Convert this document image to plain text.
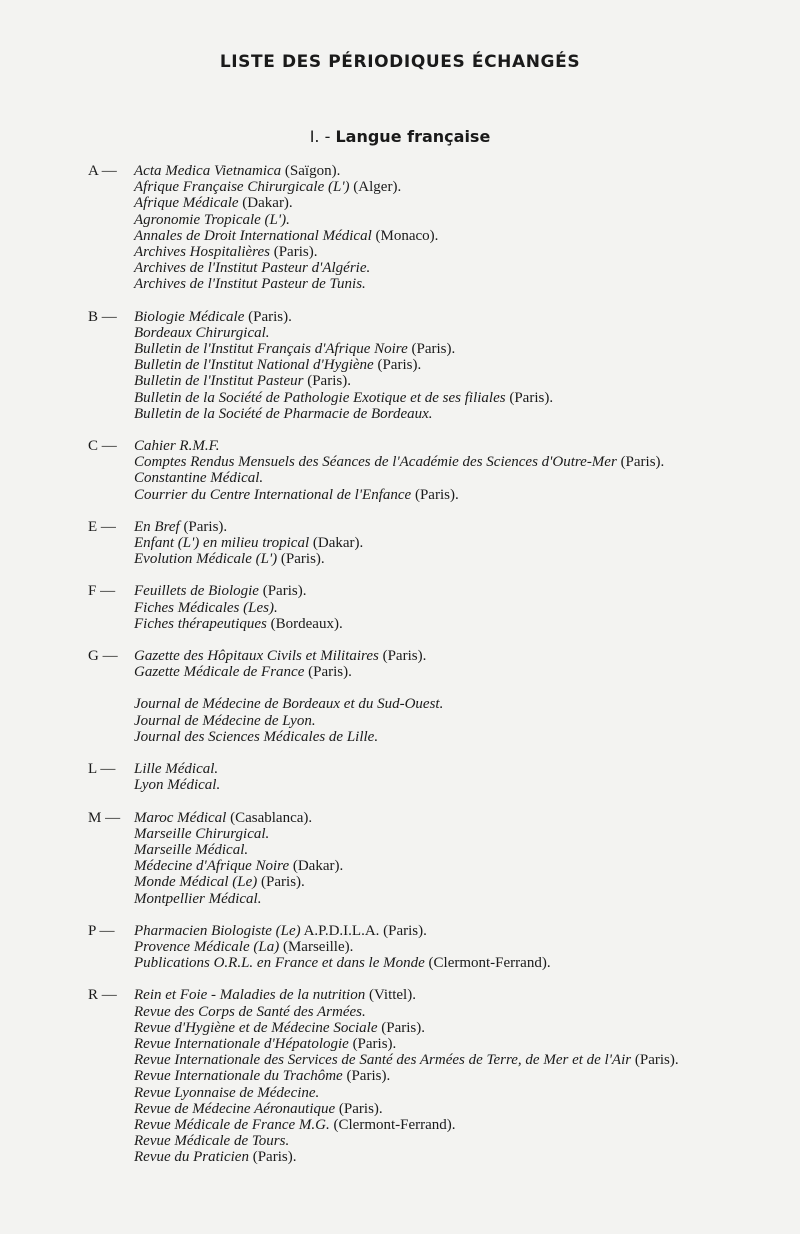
LISTE DES PÉRIODIQUES ÉCHANGÉS
I. - Langue française
A —	Acta Medica Vietnamica (Saïgon).
Afrique Française Chirurgicale (L') (Alger).
Afrique Médicale (Dakar).
Agronomie Tropicale (L').
Annales de Droit International Médical (Monaco).
Archives Hospitalières (Paris).
Archives de l'Institut Pasteur d'Algérie.
Archives de l'Institut Pasteur de Tunis.
B —	Biologie Médicale (Paris).
Bordeaux Chirurgical.
Bulletin de l'Institut Français d'Afrique Noire (Paris).
Bulletin de l'Institut National d'Hygiène (Paris).
Bulletin de l'Institut Pasteur (Paris).
Bulletin de la Société de Pathologie Exotique et de ses filiales (Paris).
Bulletin de la Société de Pharmacie de Bordeaux.
C —	Cahier R.M.F.
Comptes Rendus Mensuels des Séances de l'Académie des Sciences d'Outre-Mer (Paris).
Constantine Médical.
Courrier du Centre International de l'Enfance (Paris).
E —	En Bref (Paris).
Enfant (L') en milieu tropical (Dakar).
Evolution Médicale (L') (Paris).
F —	Feuillets de Biologie (Paris).
Fiches Médicales (Les).
Fiches thérapeutiques (Bordeaux).
G —	Gazette des Hôpitaux Civils et Militaires (Paris).
Gazette Médicale de France (Paris).
Journal de Médecine de Bordeaux et du Sud-Ouest.
Journal de Médecine de Lyon.
Journal des Sciences Médicales de Lille.
L —	Lille Médical.
Lyon Médical.
M — Maroc Médical (Casablanca).
Marseille Chirurgical.
Marseille Médical.
Médecine d'Afrique Noire (Dakar).
Monde Médical (Le) (Paris).
Montpellier Médical.
P —	Pharmacien Biologiste (Le) A.P.D.I.L.A. (Paris).
Provence Médicale (La) (Marseille).
Publications O.R.L. en France et dans le Monde (Clermont-Ferrand).
R —	Rein et Foie - Maladies de la nutrition (Vittel).
Revue des Corps de Santé des Armées.
Revue d'Hygiène et de Médecine Sociale (Paris).
Revue Internationale d'Hépatologie (Paris).
Revue Internationale des Services de Santé des Armées de Terre, de Mer et de l'Air (Paris).
Revue Internationale du Trachôme (Paris).
Revue Lyonnaise de Médecine.
Revue de Médecine Aéronautique (Paris).
Revue Médicale de France M.G. (Clermont-Ferrand).
Revue Médicale de Tours.
Revue du Praticien (Paris).
